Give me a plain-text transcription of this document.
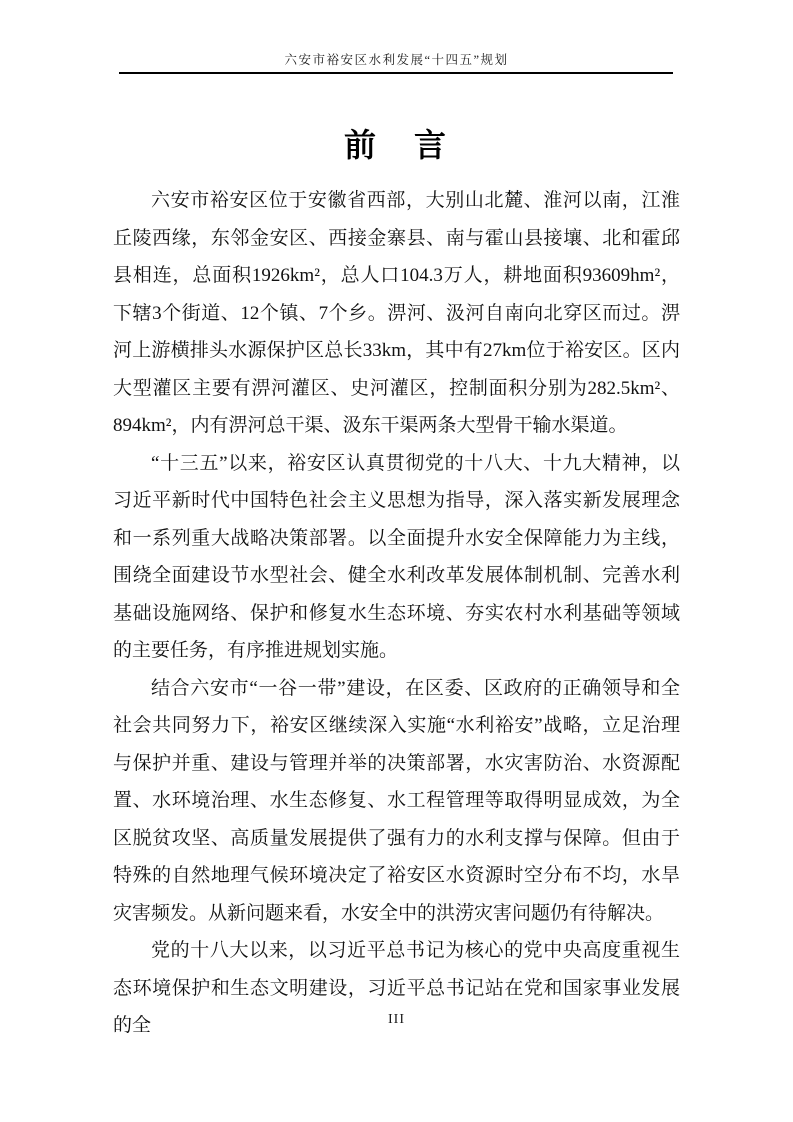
六安市裕安区水利发展“十四五”规划
前　言

六安市裕安区位于安徽省西部，大别山北麓、淮河以南，江淮丘陵西缘，东邻金安区、西接金寨县、南与霍山县接壤、北和霍邱县相连，总面积1926km²，总人口104.3万人，耕地面积93609hm²，下辖3个街道、12个镇、7个乡。淠河、汲河自南向北穿区而过。淠河上游横排头水源保护区总长33km，其中有27km位于裕安区。区内大型灌区主要有淠河灌区、史河灌区，控制面积分别为282.5km²、894km²，内有淠河总干渠、汲东干渠两条大型骨干输水渠道。

“十三五”以来，裕安区认真贯彻党的十八大、十九大精神，以习近平新时代中国特色社会主义思想为指导，深入落实新发展理念和一系列重大战略决策部署。以全面提升水安全保障能力为主线，围绕全面建设节水型社会、健全水利改革发展体制机制、完善水利基础设施网络、保护和修复水生态环境、夯实农村水利基础等领域的主要任务，有序推进规划实施。

结合六安市“一谷一带”建设，在区委、区政府的正确领导和全社会共同努力下，裕安区继续深入实施“水利裕安”战略，立足治理与保护并重、建设与管理并举的决策部署，水灾害防治、水资源配置、水环境治理、水生态修复、水工程管理等取得明显成效，为全区脱贫攻坚、高质量发展提供了强有力的水利支撑与保障。但由于特殊的自然地理气候环境决定了裕安区水资源时空分布不均，水旱灾害频发。从新问题来看，水安全中的洪涝灾害问题仍有待解决。

党的十八大以来，以习近平总书记为核心的党中央高度重视生态环境保护和生态文明建设，习近平总书记站在党和国家事业发展的全	III
